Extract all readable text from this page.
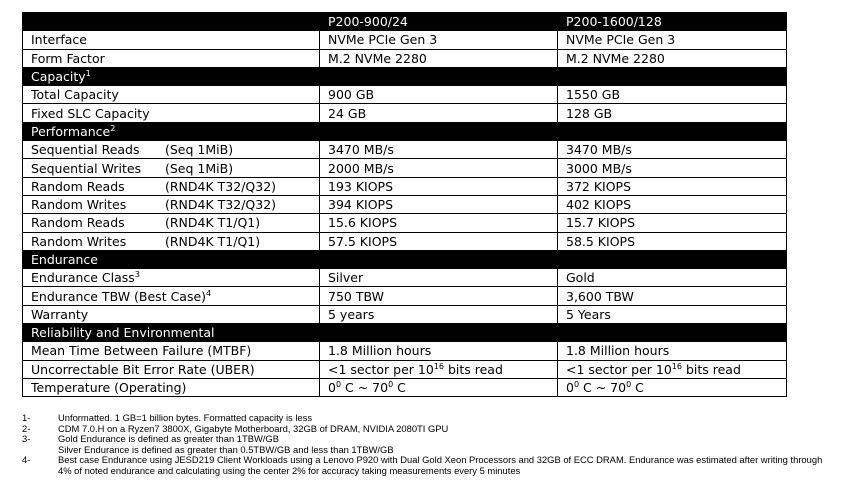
	P200-900/24	P200-1600/128
Interface	NVMe PCIe Gen 3	NVMe PCIe Gen 3
Form Factor	M.2 NVMe 2280	M.2 NVMe 2280
Capacity$^1$
Total Capacity	900 GB	1550 GB
Fixed SLC Capacity	24 GB	128 GB
Performance$^2$
Sequential Reads (Seq 1MiB)	3470 MB/s	3470 MB/s
Sequential Writes (Seq 1MiB)	2000 MB/s	3000 MB/s
Random Reads (RND4K T32/Q32)	193 KIOPS	372 KIOPS
Random Writes (RND4K T32/Q32)	394 KIOPS	402 KIOPS
Random Reads (RND4K T1/Q1)	15.6 KIOPS	15.7 KIOPS
Random Writes (RND4K T1/Q1)	57.5 KIOPS	58.5 KIOPS
Endurance		
Endurance Class$^3$	Silver	Gold
Endurance TBW (Best Case)$^4$	750 TBW	3,600 TBW
Warranty	5 years	5 Years
Reliability and Environmental		
Mean Time Between Failure (MTBF)	1.8 Million hours	1.8 Million hours
Uncorrectable Bit Error Rate (UBER)	<1 sector per $10^{16}$ bits read	<1 sector per $10^{16}$ bits read
Temperature (Operating)	$0^0$ C ~ $70^0$ C	$0^0$ C ~ $70^0$ C
1-	Unformatted. 1 GB=1 billion bytes. Formatted capacity is less
2-	CDM 7.0.H on a Ryzen7 3800X, Gigabyte Motherboard, 32GB of DRAM, NVIDIA 2080TI GPU
3-	Gold Endurance is defined as greater than 1TBW/GB
Silver Endurance is defined as greater than 0.5TBW/GB and less than 1TBW/GB
4-	Best case Endurance using JESD219 Client Workloads using a Lenovo P920 with Dual Gold Xeon Processors and 32GB of ECC DRAM. Endurance was estimated after writing through 4% of noted endurance and calculating using the center 2% for accuracy taking measurements every 5 minutes
